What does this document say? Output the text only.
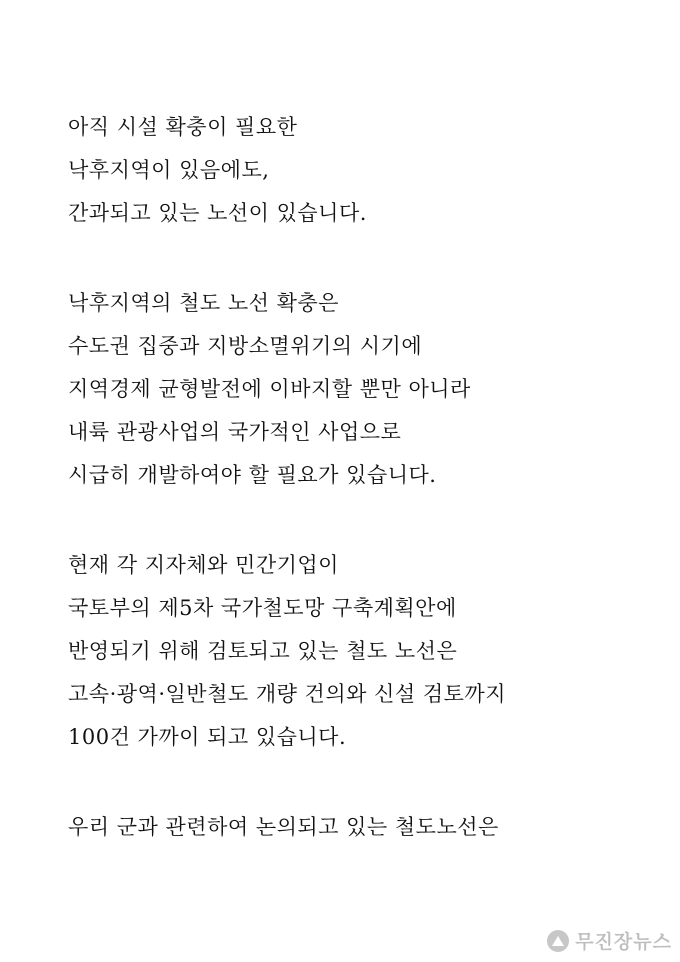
아직 시설 확충이 필요한
낙후지역이 있음에도,
간과되고 있는 노선이 있습니다.
낙후지역의 철도 노선 확충은
수도권 집중과 지방소멸위기의 시기에
지역경제 균형발전에 이바지할 뿐만 아니라
내륙 관광사업의 국가적인 사업으로
시급히 개발하여야 할 필요가 있습니다.
현재 각 지자체와 민간기업이
국토부의 제5차 국가철도망 구축계획안에
반영되기 위해 검토되고 있는 철도 노선은
고속·광역·일반철도 개량 건의와 신설 검토까지
100건 가까이 되고 있습니다.
우리 군과 관련하여 논의되고 있는 철도노선은
무진장뉴스
